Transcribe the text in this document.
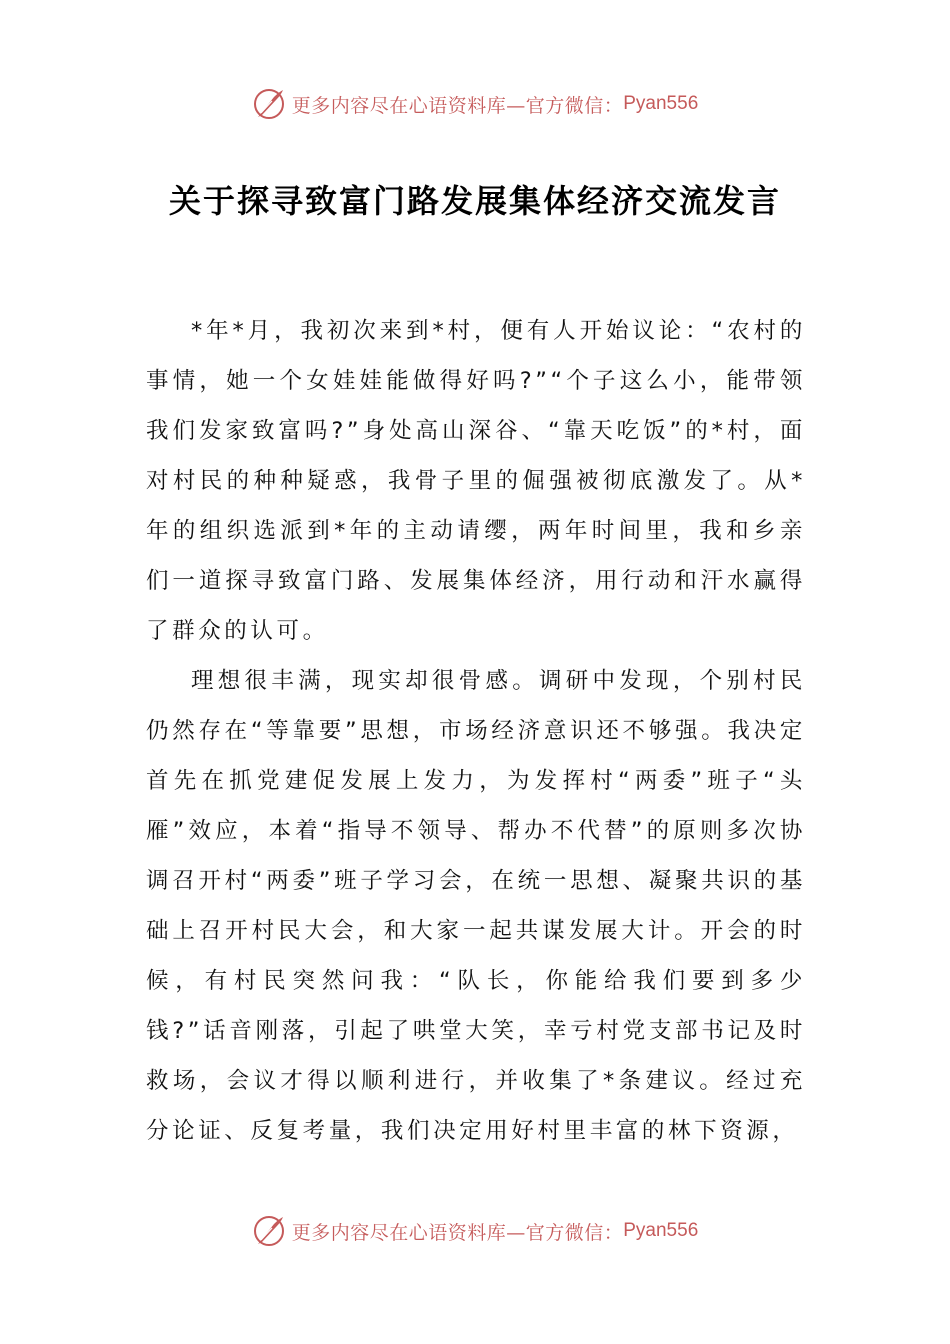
更多内容尽在心语资料库—官方微信： Pyan556
关于探寻致富门路发展集体经济交流发言

*年*月，我初次来到*村，便有人开始议论：“农村的事情，她一个女娃娃能做得好吗?”“个子这么小，能带领我们发家致富吗?”身处高山深谷、“靠天吃饭”的*村，面对村民的种种疑惑，我骨子里的倔强被彻底激发了。从*年的组织选派到*年的主动请缨，两年时间里，我和乡亲们一道探寻致富门路、发展集体经济，用行动和汗水赢得了群众的认可。

理想很丰满，现实却很骨感。调研中发现，个别村民仍然存在“等靠要”思想，市场经济意识还不够强。我决定首先在抓党建促发展上发力，为发挥村“两委”班子“头雁”效应，本着“指导不领导、帮办不代替”的原则多次协调召开村“两委”班子学习会，在统一思想、凝聚共识的基础上召开村民大会，和大家一起共谋发展大计。开会的时候，有村民突然问我：“队长，你能给我们要到多少钱?”话音刚落，引起了哄堂大笑，幸亏村党支部书记及时救场，会议才得以顺利进行，并收集了*条建议。经过充分论证、反复考量，我们决定用好村里丰富的林下资源，

更多内容尽在心语资料库—官方微信： Pyan556
